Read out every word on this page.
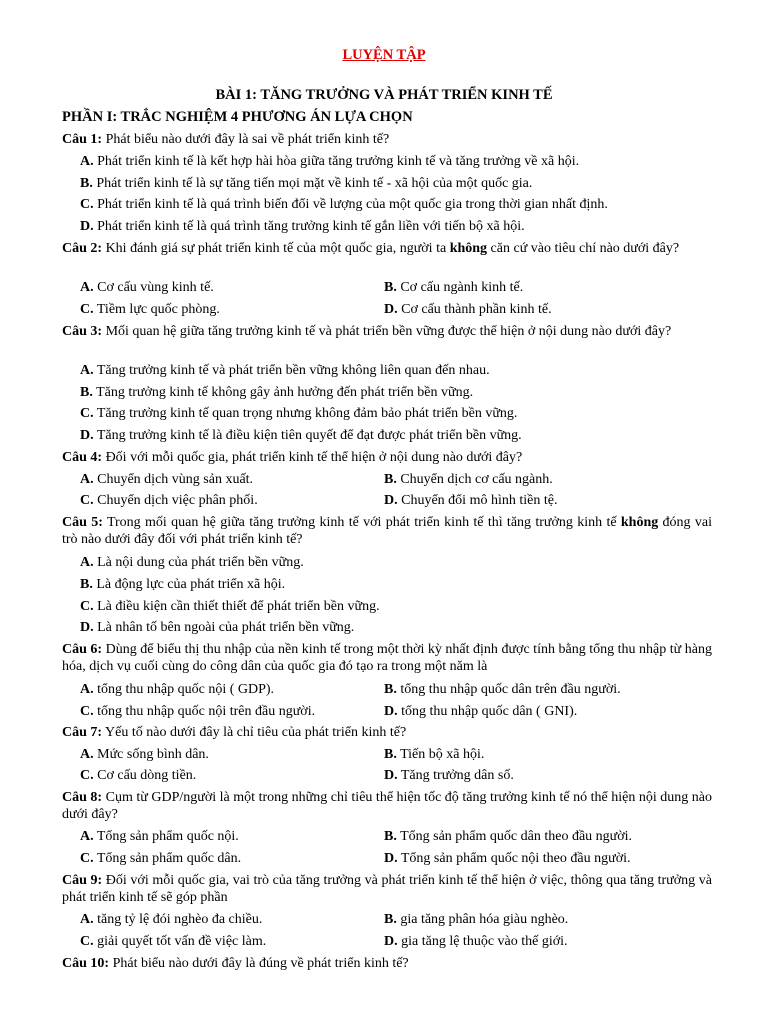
LUYỆN TẬP
BÀI 1: TĂNG TRƯỞNG VÀ PHÁT TRIỂN KINH TẾ
PHẦN I: TRẮC NGHIỆM 4 PHƯƠNG ÁN LỰA CHỌN
Câu 1: Phát biểu nào dưới đây là sai về phát triển kinh tế?
A. Phát triển kinh tế là kết hợp hài hòa giữa tăng trưởng kinh tế và tăng trưởng về xã hội.
B. Phát triển kinh tế là sự tăng tiến mọi mặt về kinh tế - xã hội của một quốc gia.
C. Phát triển kinh tế là quá trình biến đổi về lượng của một quốc gia trong thời gian nhất định.
D. Phát triển kinh tế là quá trình tăng trưởng kinh tế gắn liền với tiến bộ xã hội.
Câu 2: Khi đánh giá sự phát triển kinh tế của một quốc gia, người ta không căn cứ vào tiêu chí nào dưới đây?
A. Cơ cấu vùng kinh tế.	B. Cơ cấu ngành kinh tế.
C. Tiềm lực quốc phòng.	D. Cơ cấu thành phần kinh tế.
Câu 3: Mối quan hệ giữa tăng trưởng kinh tế và phát triển bền vững được thể hiện ở nội dung nào dưới đây?
A. Tăng trưởng kinh tế và phát triển bền vững không liên quan đến nhau.
B. Tăng trưởng kinh tế không gây ảnh hưởng đến phát triển bền vững.
C. Tăng trưởng kinh tế quan trọng nhưng không đảm bảo phát triển bền vững.
D. Tăng trưởng kinh tế là điều kiện tiên quyết để đạt được phát triển bền vững.
Câu 4: Đối với mỗi quốc gia, phát triển kinh tế thể hiện ở nội dung nào dưới đây?
A. Chuyển dịch vùng sản xuất.	B. Chuyển dịch cơ cấu ngành.
C. Chuyển dịch việc phân phối.	D. Chuyển đổi mô hình tiền tệ.
Câu 5: Trong mối quan hệ giữa tăng trưởng kinh tế với phát triển kinh tế thì tăng trưởng kinh tế không đóng vai trò nào dưới đây đối với phát triển kinh tế?
A. Là nội dung của phát triển bền vững.
B. Là động lực của phát triển xã hội.
C. Là điều kiện cần thiết thiết để phát triển bền vững.
D. Là nhân tố bên ngoài của phát triển bền vững.
Câu 6: Dùng để biểu thị thu nhập của nền kinh tế trong một thời kỳ nhất định được tính bằng tổng thu nhập từ hàng hóa, dịch vụ cuối cùng do công dân của quốc gia đó tạo ra trong một năm là
A. tổng thu nhập quốc nội ( GDP).	B. tổng thu nhập quốc dân trên đầu người.
C. tổng thu nhập quốc nội trên đầu người.	D. tổng thu nhập quốc dân ( GNI).
Câu 7: Yếu tố nào dưới đây là chỉ tiêu của phát triển kinh tế?
A. Mức sống bình dân.	B. Tiến bộ xã hội.
C. Cơ cấu dòng tiền.	D. Tăng trưởng dân số.
Câu 8: Cụm từ GDP/người là một trong những chỉ tiêu thể hiện tốc độ tăng trưởng kinh tế nó thể hiện nội dung nào dưới đây?
A. Tổng sản phẩm quốc nội.	B. Tổng sản phẩm quốc dân theo đầu người.
C. Tổng sản phẩm quốc dân.	D. Tổng sản phẩm quốc nội theo đầu người.
Câu 9: Đối với mỗi quốc gia, vai trò của tăng trưởng và phát triển kinh tế thể hiện ở việc, thông qua tăng trưởng và phát triển kinh tế sẽ góp phần
A. tăng tỷ lệ đói nghèo đa chiều.	B. gia tăng phân hóa giàu nghèo.
C. giải quyết tốt vấn đề việc làm.	D. gia tăng lệ thuộc vào thế giới.
Câu 10: Phát biểu nào dưới đây là đúng về phát triển kinh tế?
